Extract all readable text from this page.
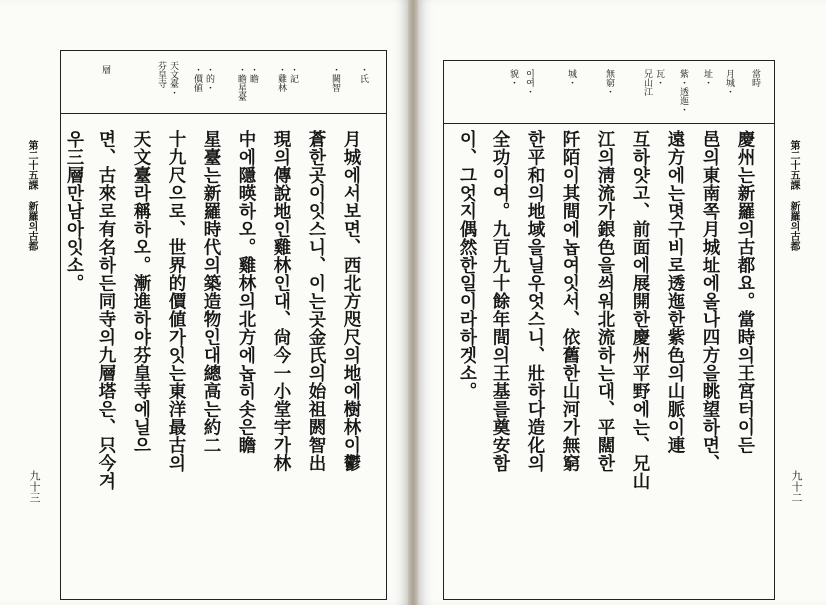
・氏
・闕智
・記
・雞林
・瞻
・瞻星臺
・的・
・價値
天文臺・
芬皇寺
層
月城에서보면、西北方咫尺의地에樹林이鬱
蒼한곳이잇스니、이는곳金氏의始祖閼智出
現의傳說地인雞林인대、尙今一小堂宇가林
中에隱暎하오。雞林의北方에놉히솟은瞻
星臺는新羅時代의築造物인대總高는約二
十九尺으로、世界的價値가잇는東洋最古의
天文臺라稱하오。漸進하야芬皇寺에닐으
면、古來로有名하든同寺의九層塔은、只今겨
우三層만남아잇소。
第二十五課 新羅의古都
九十三
當時
月城・
址・
紫・透迤・
瓦・
兄山江
無窮・
城・
이여・
貌・
慶州는新羅의古都요。當時의王宮터이든
邑의東南쪽月城址에올나四方을眺望하면、
遠方에는몃구비로透迤한紫色의山脈이連
互하얏고、前面에展開한慶州平野에는、兄山
江의淸流가銀色을씌워北流하는대、平闊한
阡陌이其間에놉여잇서、依舊한山河가無窮
한平和의地域을닐우엇스니、壯하다造化의
全功이여。九百九十餘年間의王基를奠安함
이、그엇지偶然한일이라하겟소。	第二十五課 新羅의古都
九十二
